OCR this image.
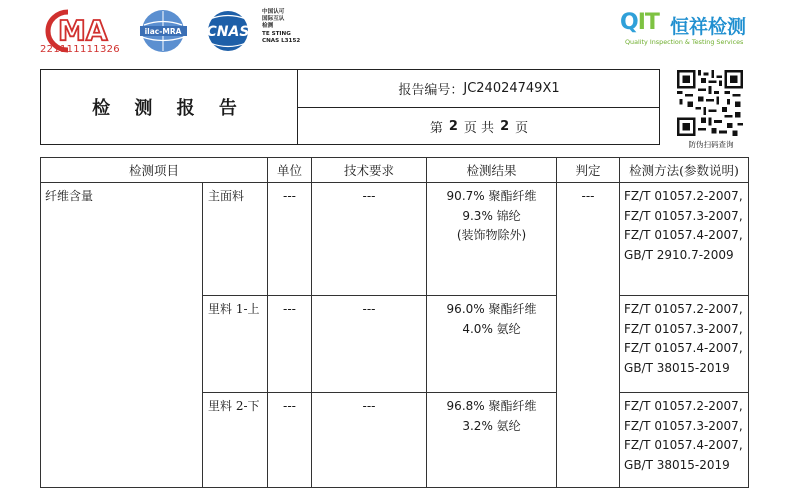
MA
221111111326
ilac-MRA CNAS
中国认可
国际互认
检测
TE STING
CNAS L3152
QIT 恒祥检测
Quality Inspection & Testing Services
检 测 报 告
报告编号： JC24024749X1
第 2 页 共 2 页
防伪扫码查询
检测项目		单位	技术要求	检测结果	判定	检测方法(参数说明)
纤维含量	主面料	---	---	90.7% 聚酯纤维
9.3% 锦纶
(装饰物除外)	---	FZ/T 01057.2-2007,
FZ/T 01057.3-2007,
FZ/T 01057.4-2007,
GB/T 2910.7-2009

	里料 1-上	---	---	96.0% 聚酯纤维
4.0% 氨纶		FZ/T 01057.2-2007,
FZ/T 01057.3-2007,
FZ/T 01057.4-2007,
GB/T 38015-2019

	里料 2-下	---	---	96.8% 聚酯纤维
3.2% 氨纶		FZ/T 01057.2-2007,
FZ/T 01057.3-2007,
FZ/T 01057.4-2007,
GB/T 38015-2019
